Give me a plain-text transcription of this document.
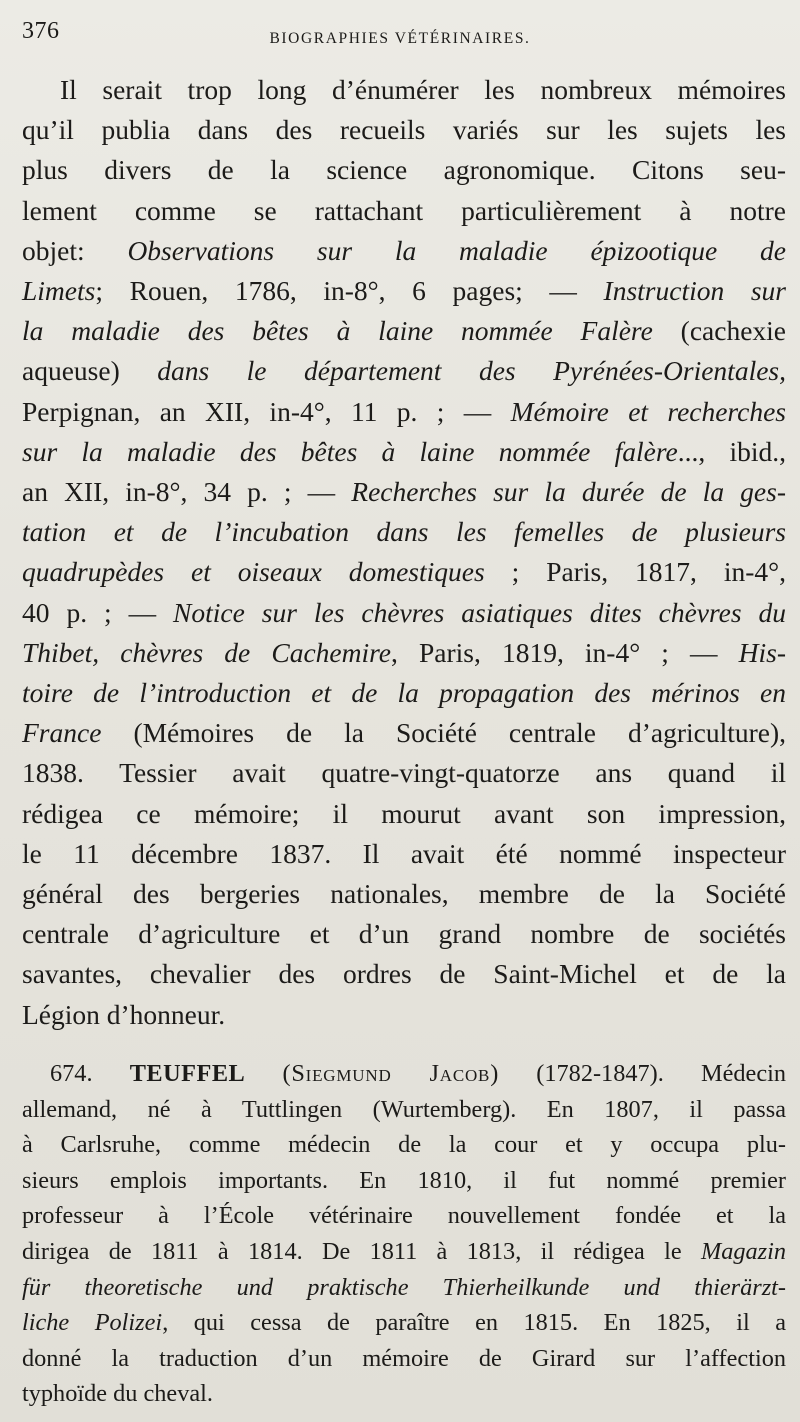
376	BIOGRAPHIES VÉTÉRINAIRES.
Il serait trop long d’énumérer les nombreux mémoires
qu’il publia dans des recueils variés sur les sujets les
plus divers de la science agronomique. Citons seu-
lement comme se rattachant particulièrement à notre
objet: Observations sur la maladie épizootique de
Limets; Rouen, 1786, in-8°, 6 pages; — Instruction sur
la maladie des bêtes à laine nommée Falère (cachexie
aqueuse) dans le département des Pyrénées-Orientales,
Perpignan, an XII, in-4°, 11 p. ; — Mémoire et recherches
sur la maladie des bêtes à laine nommée falère..., ibid.,
an XII, in-8°, 34 p. ; — Recherches sur la durée de la ges-
tation et de l’incubation dans les femelles de plusieurs
quadrupèdes et oiseaux domestiques ; Paris, 1817, in-4°,
40 p. ; — Notice sur les chèvres asiatiques dites chèvres du
Thibet, chèvres de Cachemire, Paris, 1819, in-4° ; — His-
toire de l’introduction et de la propagation des mérinos en
France (Mémoires de la Société centrale d’agriculture),
1838. Tessier avait quatre-vingt-quatorze ans quand il
rédigea ce mémoire; il mourut avant son impression,
le 11 décembre 1837. Il avait été nommé inspecteur
général des bergeries nationales, membre de la Société
centrale d’agriculture et d’un grand nombre de sociétés
savantes, chevalier des ordres de Saint-Michel et de la
Légion d’honneur.
674. TEUFFEL (Siegmund Jacob) (1782-1847). Médecin
allemand, né à Tuttlingen (Wurtemberg). En 1807, il passa
à Carlsruhe, comme médecin de la cour et y occupa plu-
sieurs emplois importants. En 1810, il fut nommé premier
professeur à l’École vétérinaire nouvellement fondée et la
dirigea de 1811 à 1814. De 1811 à 1813, il rédigea le Magazin
für theoretische und praktische Thierheilkunde und thierärzt-
liche Polizei, qui cessa de paraître en 1815. En 1825, il a
donné la traduction d’un mémoire de Girard sur l’affection
typhoïde du cheval.
